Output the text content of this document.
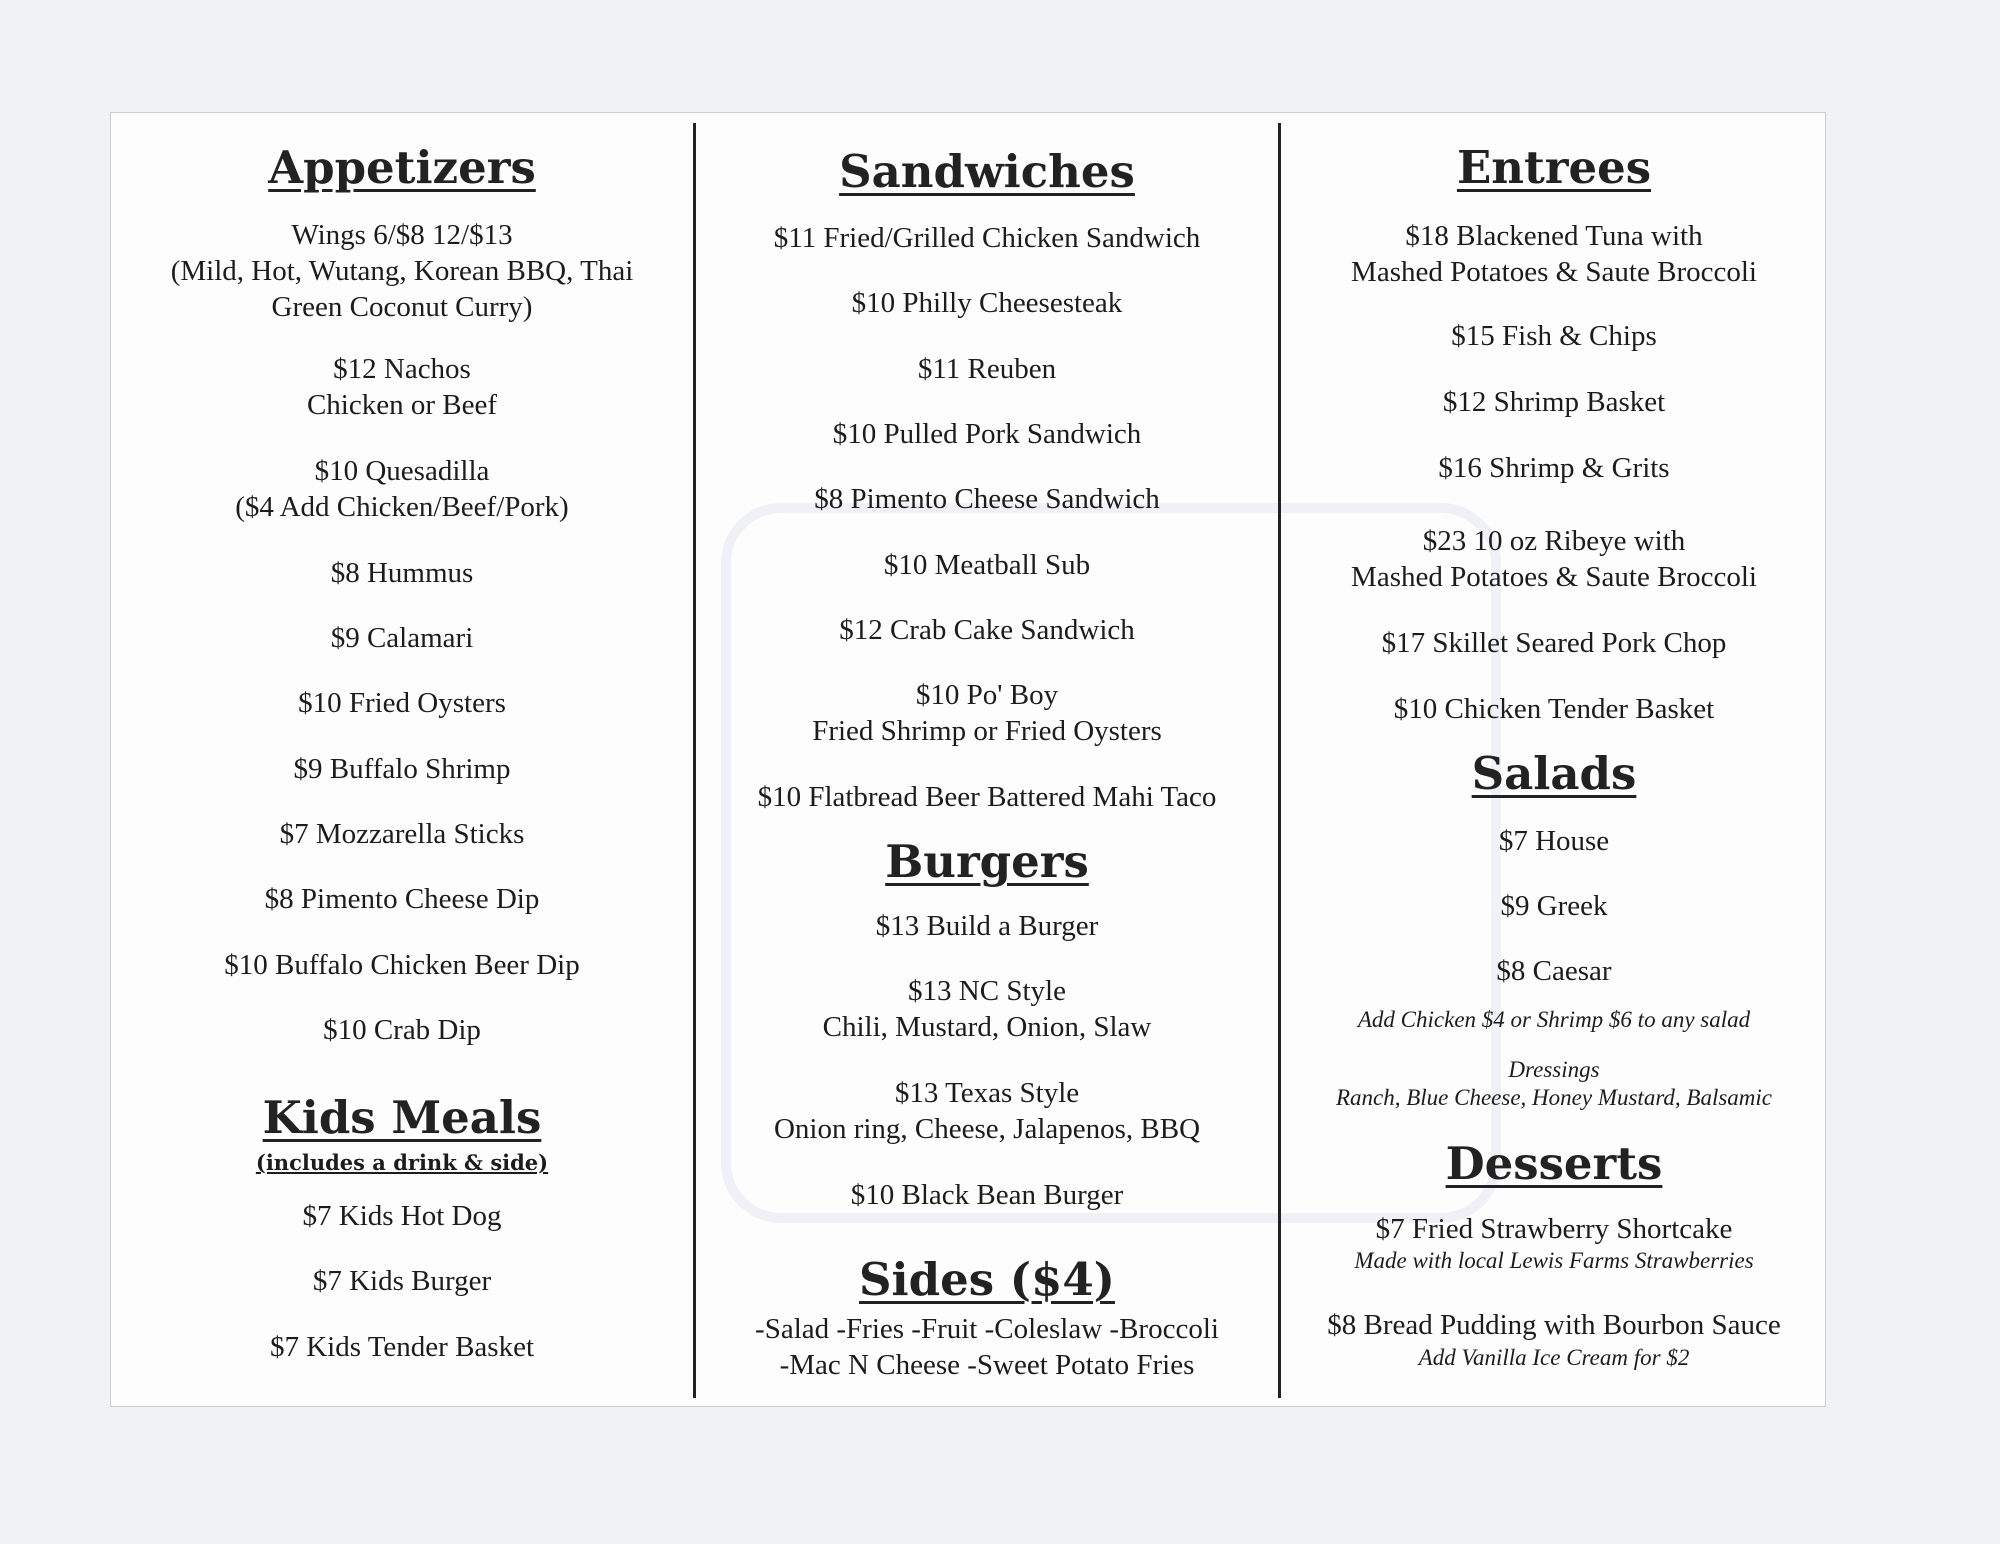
Appetizers
Wings 6/$8 12/$13
(Mild, Hot, Wutang, Korean BBQ, Thai
Green Coconut Curry)
$12 Nachos
Chicken or Beef
$10 Quesadilla
($4 Add Chicken/Beef/Pork)
$8 Hummus
$9 Calamari
$10 Fried Oysters
$9 Buffalo Shrimp
$7 Mozzarella Sticks
$8 Pimento Cheese Dip
$10 Buffalo Chicken Beer Dip
$10 Crab Dip
Kids Meals
(includes a drink & side)
$7 Kids Hot Dog
$7 Kids Burger
$7 Kids Tender Basket
Sandwiches
$11 Fried/Grilled Chicken Sandwich
$10 Philly Cheesesteak
$11 Reuben
$10 Pulled Pork Sandwich
$8 Pimento Cheese Sandwich
$10 Meatball Sub
$12 Crab Cake Sandwich
$10 Po' Boy
Fried Shrimp or Fried Oysters
$10 Flatbread Beer Battered Mahi Taco
Burgers
$13 Build a Burger
$13 NC Style
Chili, Mustard, Onion, Slaw
$13 Texas Style
Onion ring, Cheese, Jalapenos, BBQ
$10 Black Bean Burger
Sides ($4)
-Salad -Fries -Fruit -Coleslaw -Broccoli
-Mac N Cheese -Sweet Potato Fries
Entrees
$18 Blackened Tuna with
Mashed Potatoes & Saute Broccoli
$15 Fish & Chips
$12 Shrimp Basket
$16 Shrimp & Grits
$23 10 oz Ribeye with
Mashed Potatoes & Saute Broccoli
$17 Skillet Seared Pork Chop
$10 Chicken Tender Basket
Salads
$7 House
$9 Greek
$8 Caesar
Add Chicken $4 or Shrimp $6 to any salad
Dressings
Ranch, Blue Cheese, Honey Mustard, Balsamic
Desserts
$7 Fried Strawberry Shortcake
Made with local Lewis Farms Strawberries
$8 Bread Pudding with Bourbon Sauce
Add Vanilla Ice Cream for $2
